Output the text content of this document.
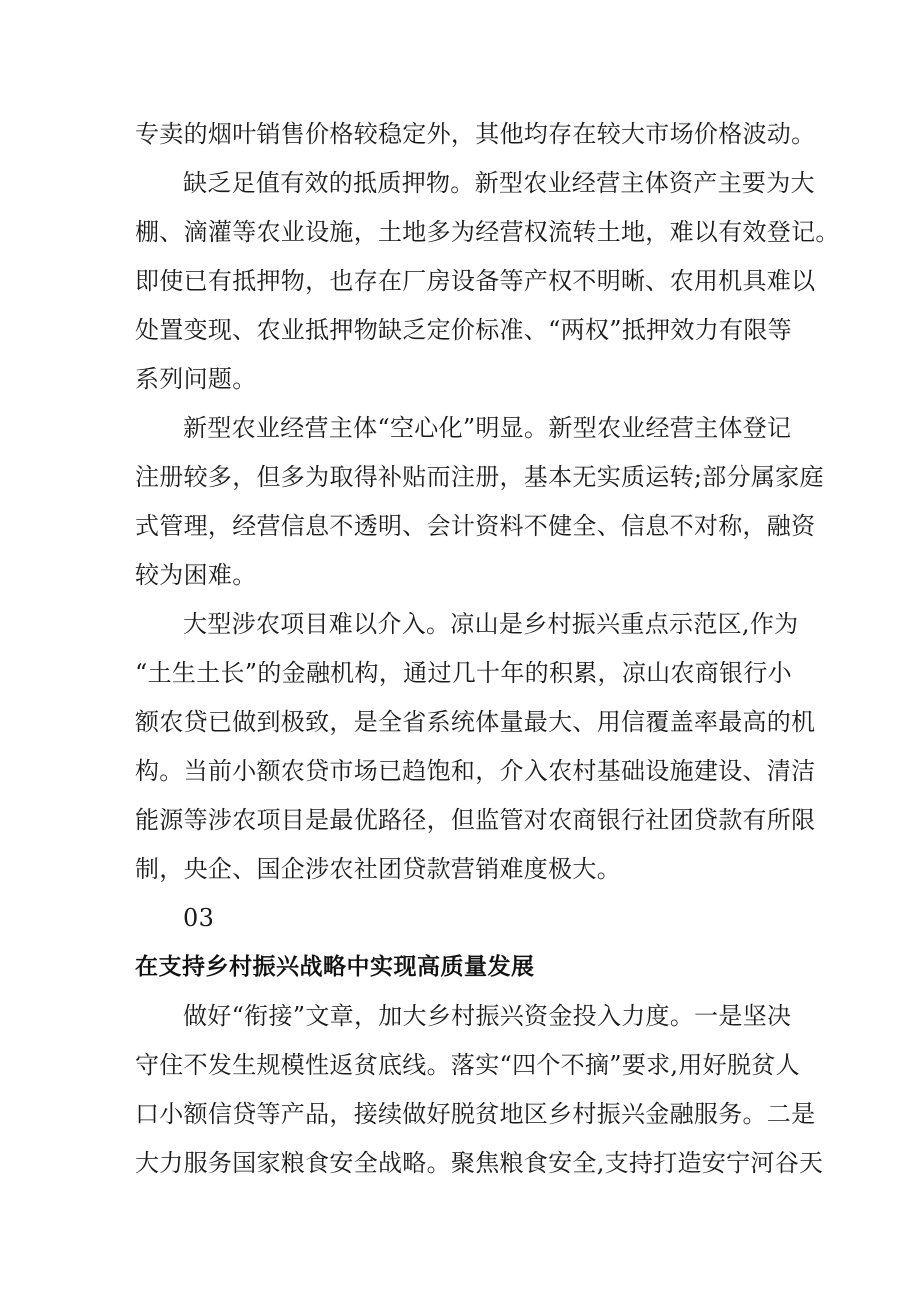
专卖的烟叶销售价格较稳定外，其他均存在较大市场价格波动。
缺乏足值有效的抵质押物。新型农业经营主体资产主要为大
棚、滴灌等农业设施，土地多为经营权流转土地，难以有效登记。
即使已有抵押物，也存在厂房设备等产权不明晰、农用机具难以
处置变现、农业抵押物缺乏定价标准、“两权”抵押效力有限等
系列问题。
新型农业经营主体“空心化”明显。新型农业经营主体登记
注册较多，但多为取得补贴而注册，基本无实质运转;部分属家庭
式管理，经营信息不透明、会计资料不健全、信息不对称，融资
较为困难。
大型涉农项目难以介入。凉山是乡村振兴重点示范区,作为
“土生土长”的金融机构，通过几十年的积累，凉山农商银行小
额农贷已做到极致，是全省系统体量最大、用信覆盖率最高的机
构。当前小额农贷市场已趋饱和，介入农村基础设施建设、清洁
能源等涉农项目是最优路径，但监管对农商银行社团贷款有所限
制，央企、国企涉农社团贷款营销难度极大。
03
在支持乡村振兴战略中实现高质量发展
做好“衔接”文章，加大乡村振兴资金投入力度。一是坚决
守住不发生规模性返贫底线。落实“四个不摘”要求,用好脱贫人
口小额信贷等产品，接续做好脱贫地区乡村振兴金融服务。二是
大力服务国家粮食安全战略。聚焦粮食安全,支持打造安宁河谷天
